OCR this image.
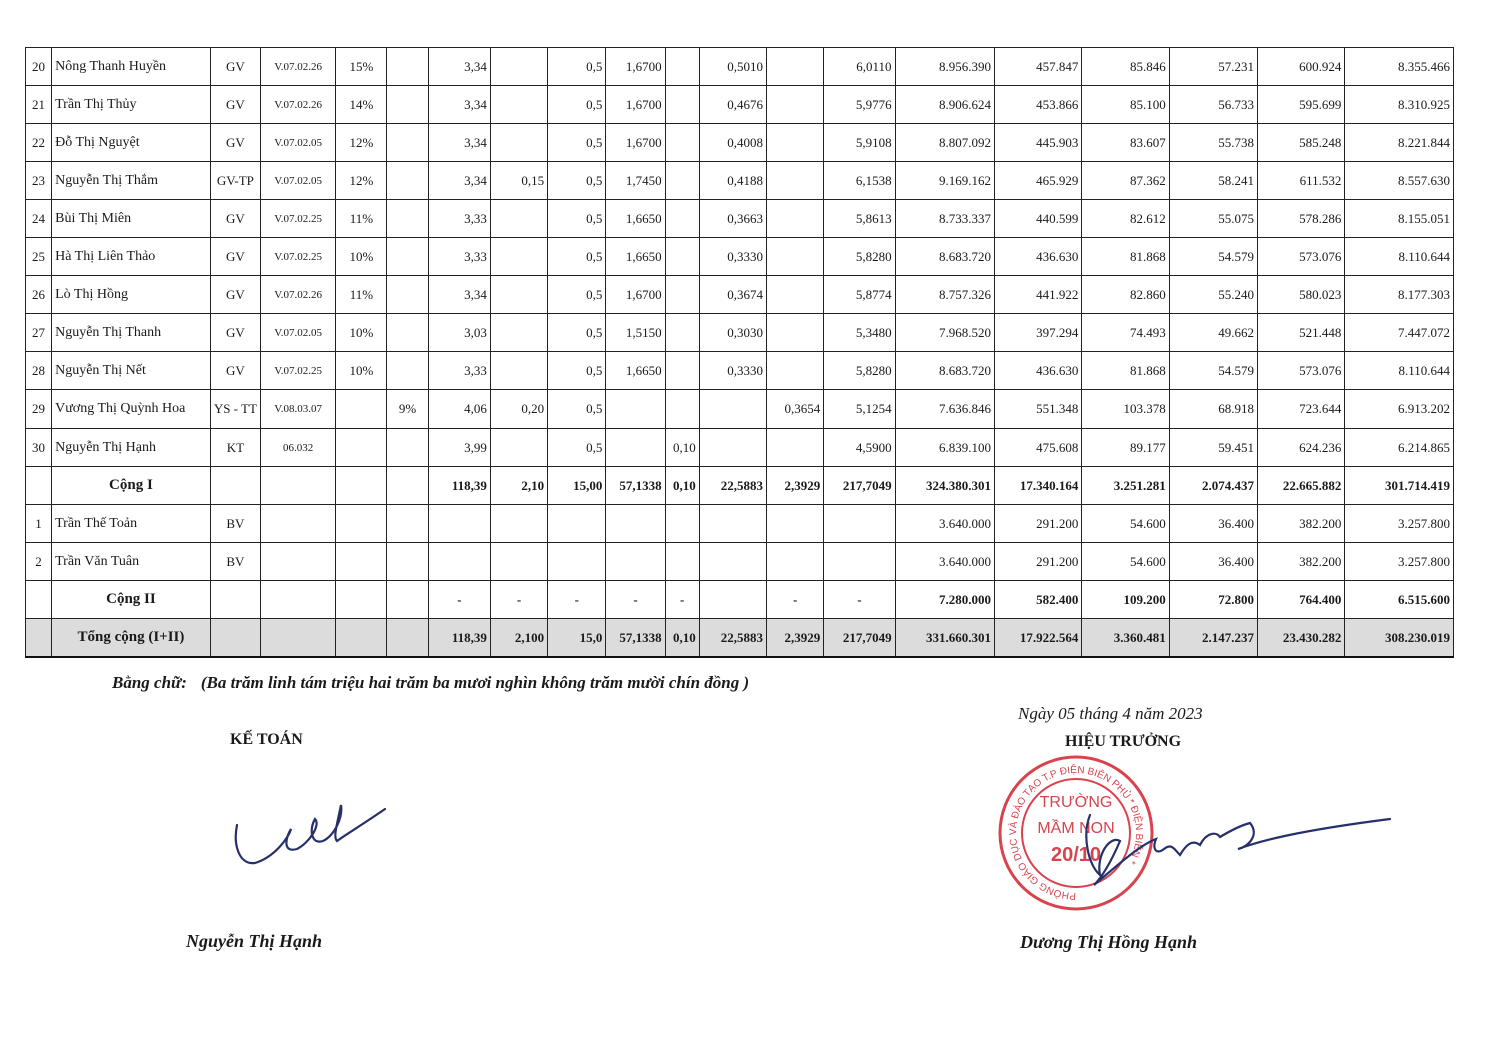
20	Nông Thanh Huyền	GV	V.07.02.26	15%		3,34		0,5	1,6700		0,5010		6,0110	8.956.390	457.847	85.846	57.231	600.924	8.355.466
21	Trần Thị Thủy	GV	V.07.02.26	14%		3,34		0,5	1,6700		0,4676		5,9776	8.906.624	453.866	85.100	56.733	595.699	8.310.925
22	Đỗ Thị Nguyệt	GV	V.07.02.05	12%		3,34		0,5	1,6700		0,4008		5,9108	8.807.092	445.903	83.607	55.738	585.248	8.221.844
23	Nguyễn Thị Thắm	GV-TP	V.07.02.05	12%		3,34	0,15	0,5	1,7450		0,4188		6,1538	9.169.162	465.929	87.362	58.241	611.532	8.557.630
24	Bùi Thị Miên	GV	V.07.02.25	11%		3,33		0,5	1,6650		0,3663		5,8613	8.733.337	440.599	82.612	55.075	578.286	8.155.051
25	Hà Thị Liên Thảo	GV	V.07.02.25	10%		3,33		0,5	1,6650		0,3330		5,8280	8.683.720	436.630	81.868	54.579	573.076	8.110.644
26	Lò Thị Hồng	GV	V.07.02.26	11%		3,34		0,5	1,6700		0,3674		5,8774	8.757.326	441.922	82.860	55.240	580.023	8.177.303
27	Nguyễn Thị Thanh	GV	V.07.02.05	10%		3,03		0,5	1,5150		0,3030		5,3480	7.968.520	397.294	74.493	49.662	521.448	7.447.072
28	Nguyễn Thị Nết	GV	V.07.02.25	10%		3,33		0,5	1,6650		0,3330		5,8280	8.683.720	436.630	81.868	54.579	573.076	8.110.644
29	Vương Thị Quỳnh Hoa	YS - TT	V.08.03.07		9%	4,06	0,20	0,5				0,3654	5,1254	7.636.846	551.348	103.378	68.918	723.644	6.913.202
30	Nguyễn Thị Hạnh	KT	06.032			3,99		0,5		0,10			4,5900	6.839.100	475.608	89.177	59.451	624.236	6.214.865
	Cộng I					118,39	2,10	15,00	57,1338	0,10	22,5883	2,3929	217,7049	324.380.301	17.340.164	3.251.281	2.074.437	22.665.882	301.714.419
1	Trần Thế Toản	BV												3.640.000	291.200	54.600	36.400	382.200	3.257.800
2	Trần Văn Tuân	BV												3.640.000	291.200	54.600	36.400	382.200	3.257.800
	Cộng II					-	-	-	-	-		-	-	7.280.000	582.400	109.200	72.800	764.400	6.515.600
	Tổng cộng (I+II)					118,39	2,100	15,0	57,1338	0,10	22,5883	2,3929	217,7049	331.660.301	17.922.564	3.360.481	2.147.237	23.430.282	308.230.019
Bằng chữ: (Ba trăm linh tám triệu hai trăm ba mươi nghìn không trăm mười chín đồng )
Ngày 05 tháng 4 năm 2023
KẾ TOÁN	HIỆU TRƯỞNG
PHÒNG GIÁO DỤC VÀ ĐÀO TẠO T.P ĐIỆN BIÊN PHỦ * ĐIỆN BIÊN *
TRƯỜNG
MẦM NON
20/10
Nguyễn Thị Hạnh	Dương Thị Hồng Hạnh
